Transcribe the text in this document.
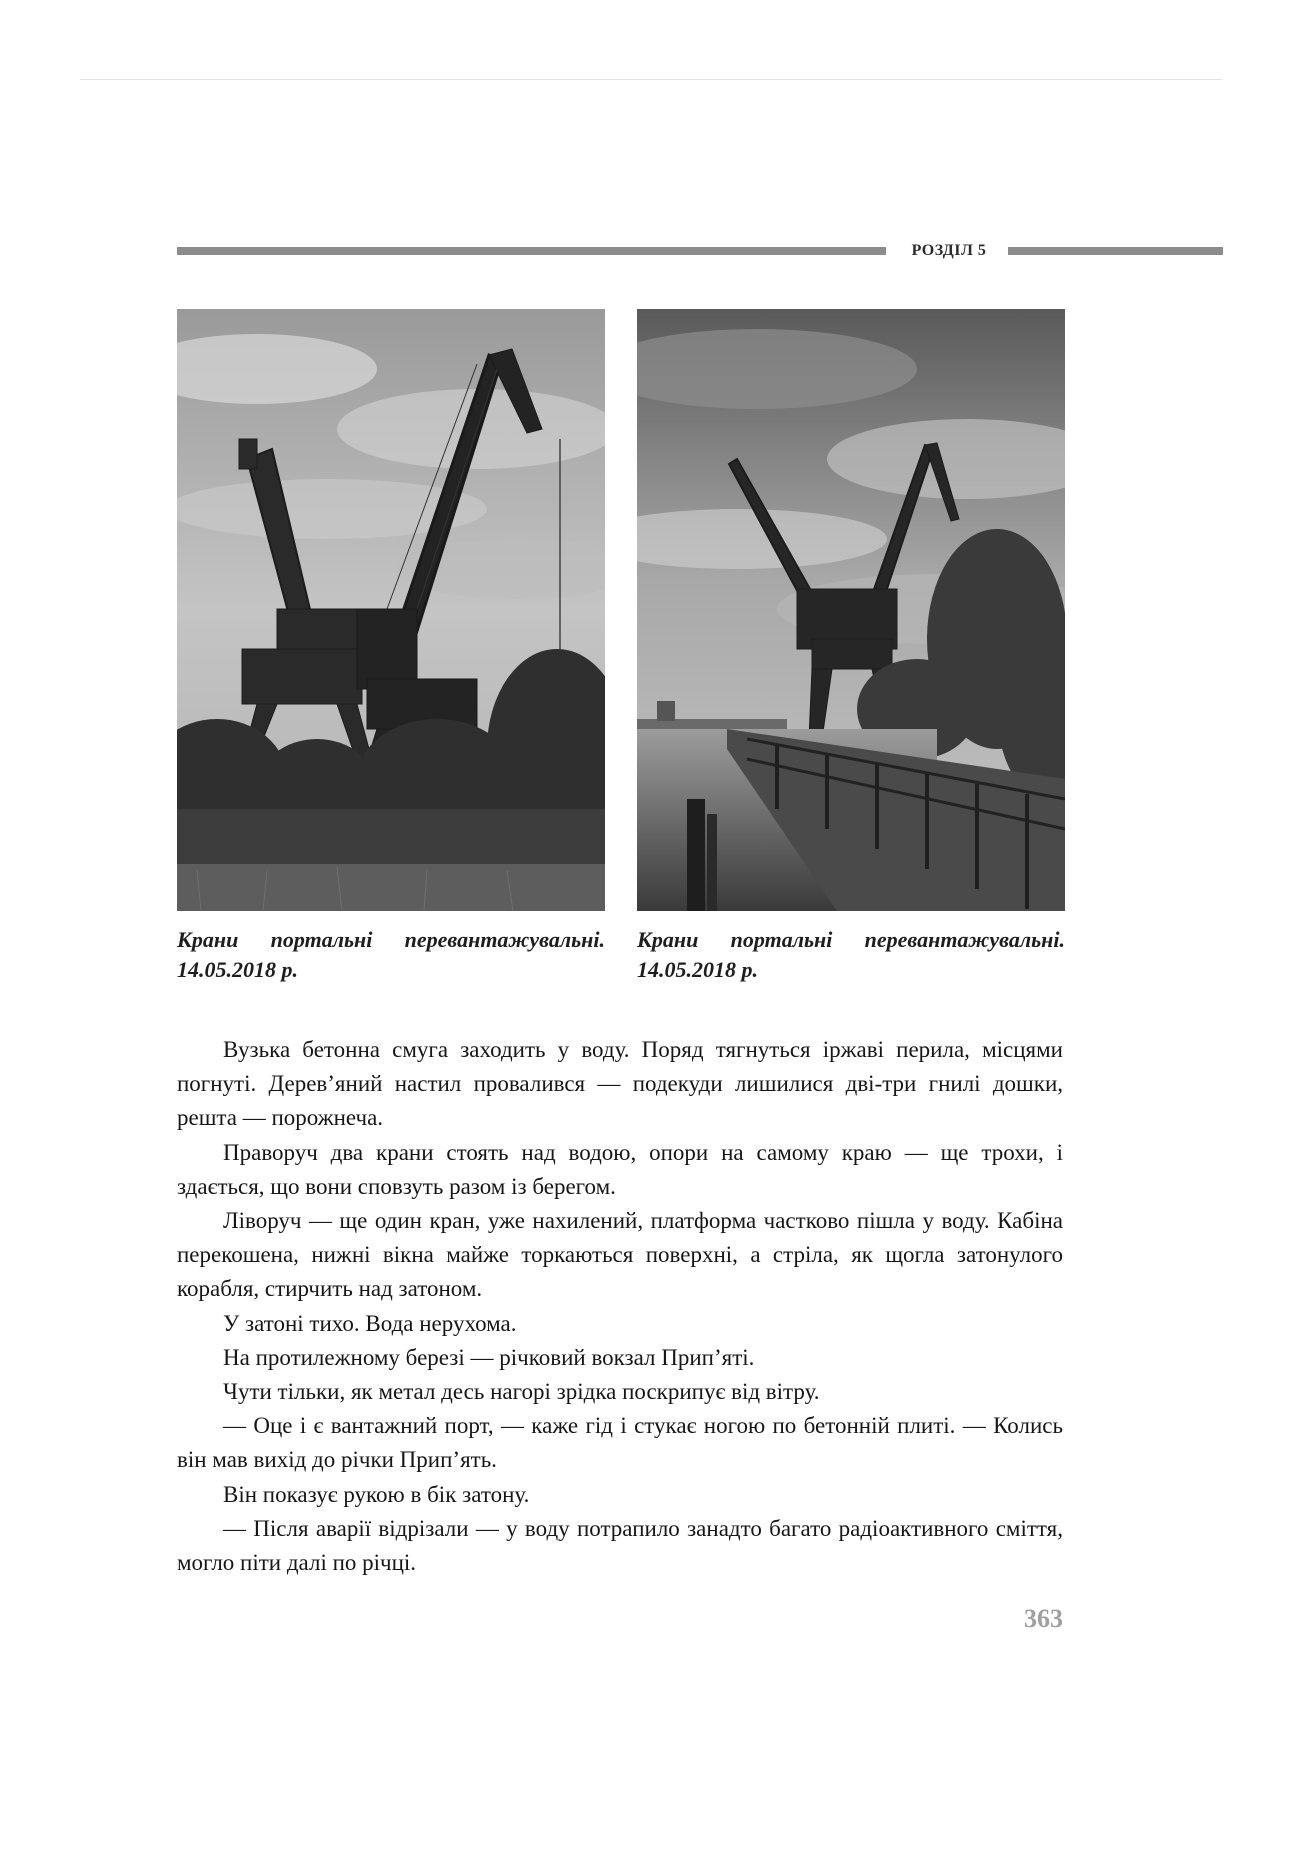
РОЗДІЛ 5
Крани портальні перевантажувальні. 14.05.2018 р.
Крани портальні перевантажувальні. 14.05.2018 р.

Вузька бетонна смуга заходить у воду. Поряд тягнуться іржаві перила, місцями погнуті. Дерев’яний настил провалився — подекуди лишилися дві-три гнилі дошки, решта — порожнеча.

Праворуч два крани стоять над водою, опори на самому краю — ще трохи, і здається, що вони сповзуть разом із берегом.

Ліворуч — ще один кран, уже нахилений, платформа частково пішла у воду. Кабіна перекошена, нижні вікна майже торкаються поверхні, а стріла, як щогла затонулого корабля, стирчить над затоном.

У затоні тихо. Вода нерухома.

На протилежному березі — річковий вокзал Прип’яті.

Чути тільки, як метал десь нагорі зрідка поскрипує від вітру.

— Оце і є вантажний порт, — каже гід і стукає ногою по бетонній плиті. — Колись він мав вихід до річки Прип’ять.

Він показує рукою в бік затону.

— Після аварії відрізали — у воду потрапило занадто багато радіоактивного сміття, могло піти далі по річці.

363
